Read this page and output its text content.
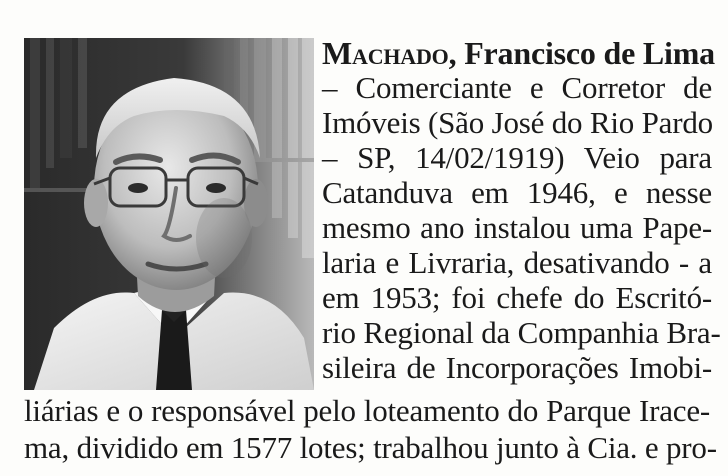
Machado, Francisco de Lima
– Comerciante e Corretor de
Imóveis (São José do Rio Pardo
– SP, 14/02/1919) Veio para
Catanduva em 1946, e nesse
mesmo ano instalou uma Pape-
laria e Livraria, desativando - a
em 1953; foi chefe do Escritó-
rio Regional da Companhia Bra-
sileira de Incorporações Imobi-
liárias e o responsável pelo loteamento do Parque Irace-
ma, dividido em 1577 lotes; trabalhou junto à Cia. e pro-
